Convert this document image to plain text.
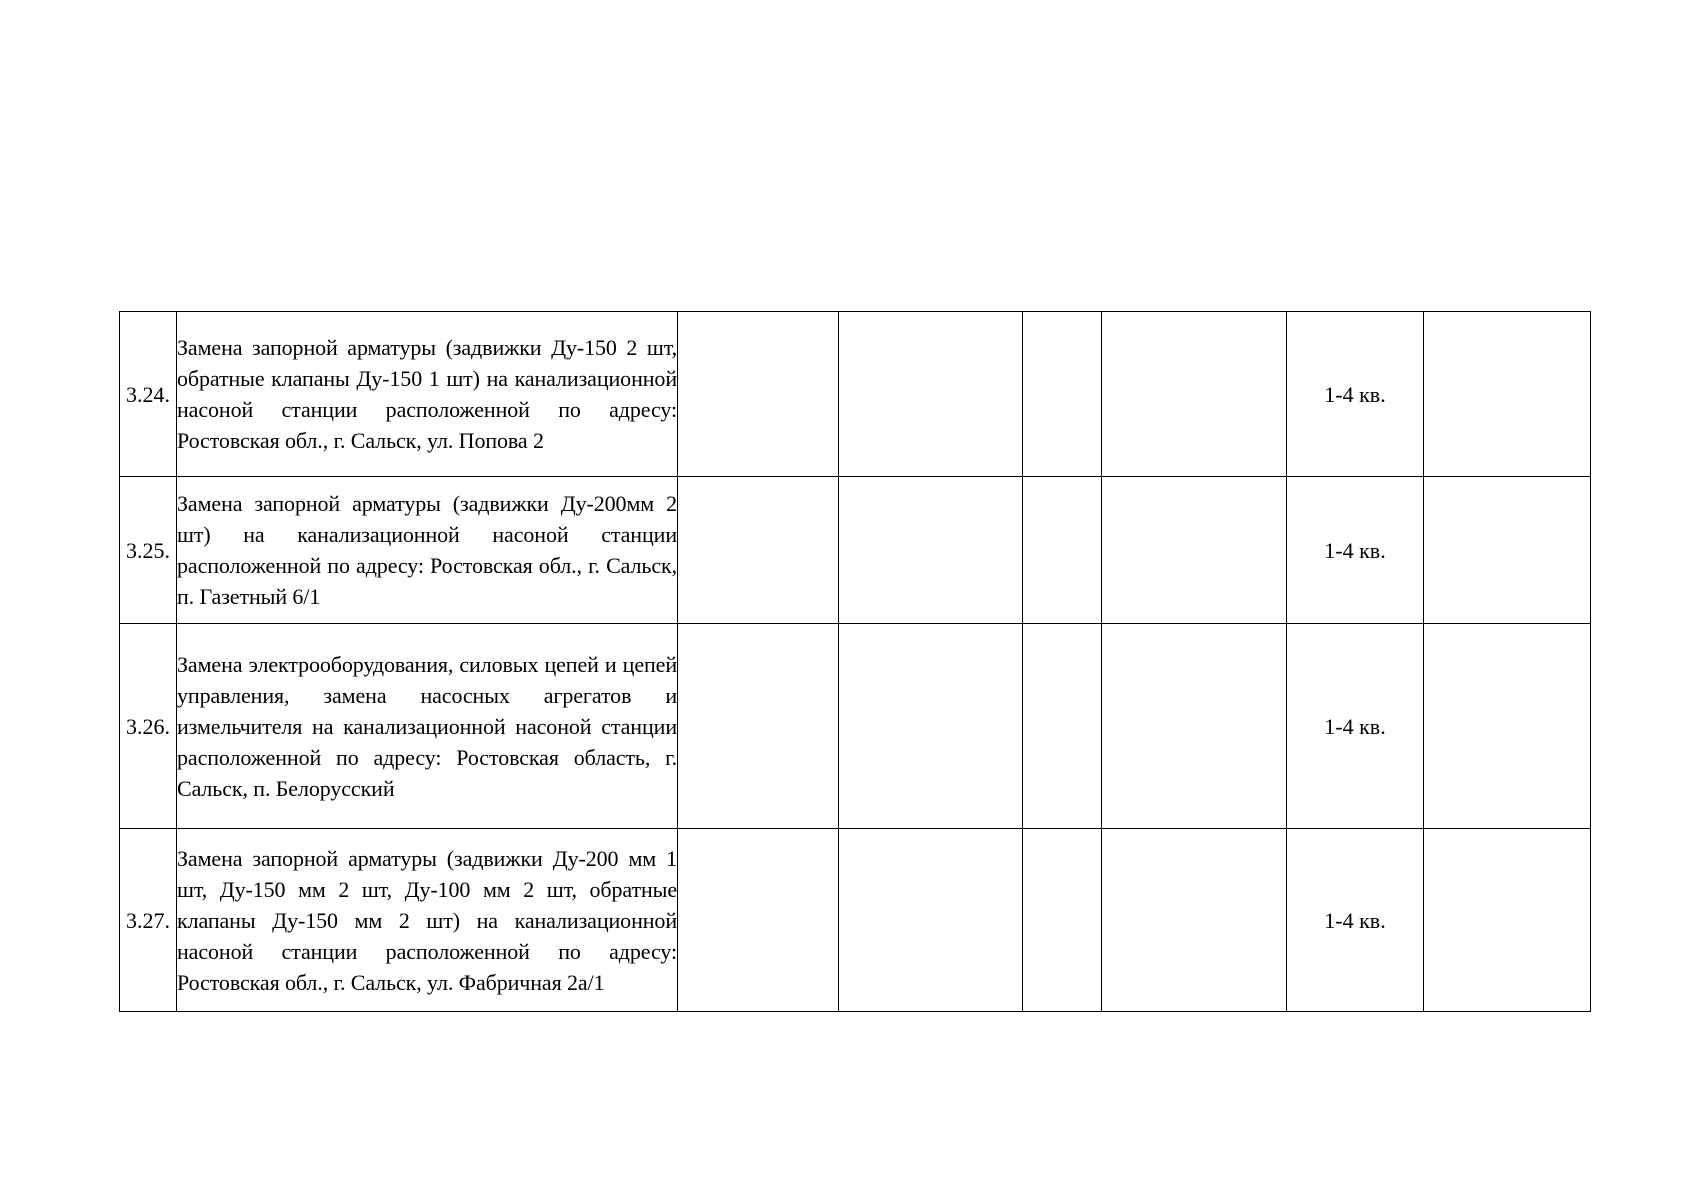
3.24.	Замена запорной арматуры (задвижки Ду-150 2 шт, обратные клапаны Ду-150 1 шт) на канализационной насоной станции расположенной по адресу: Ростовская обл., г. Сальск, ул. Попова 2					1-4 кв.	
3.25.	Замена запорной арматуры (задвижки Ду-200мм 2 шт) на канализационной насоной станции расположенной по адресу: Ростовская обл., г. Сальск, п. Газетный 6/1					1-4 кв.	
3.26.	Замена электрооборудования, силовых цепей и цепей управления, замена насосных агрегатов и измельчителя на канализационной насоной станции расположенной по адресу: Ростовская область, г. Сальск, п. Белорусский					1-4 кв.	
3.27.	Замена запорной арматуры (задвижки Ду-200 мм 1 шт, Ду-150 мм 2 шт, Ду-100 мм 2 шт, обратные клапаны Ду-150 мм 2 шт) на канализационной насоной станции расположенной по адресу: Ростовская обл., г. Сальск, ул. Фабричная 2а/1					1-4 кв.	
